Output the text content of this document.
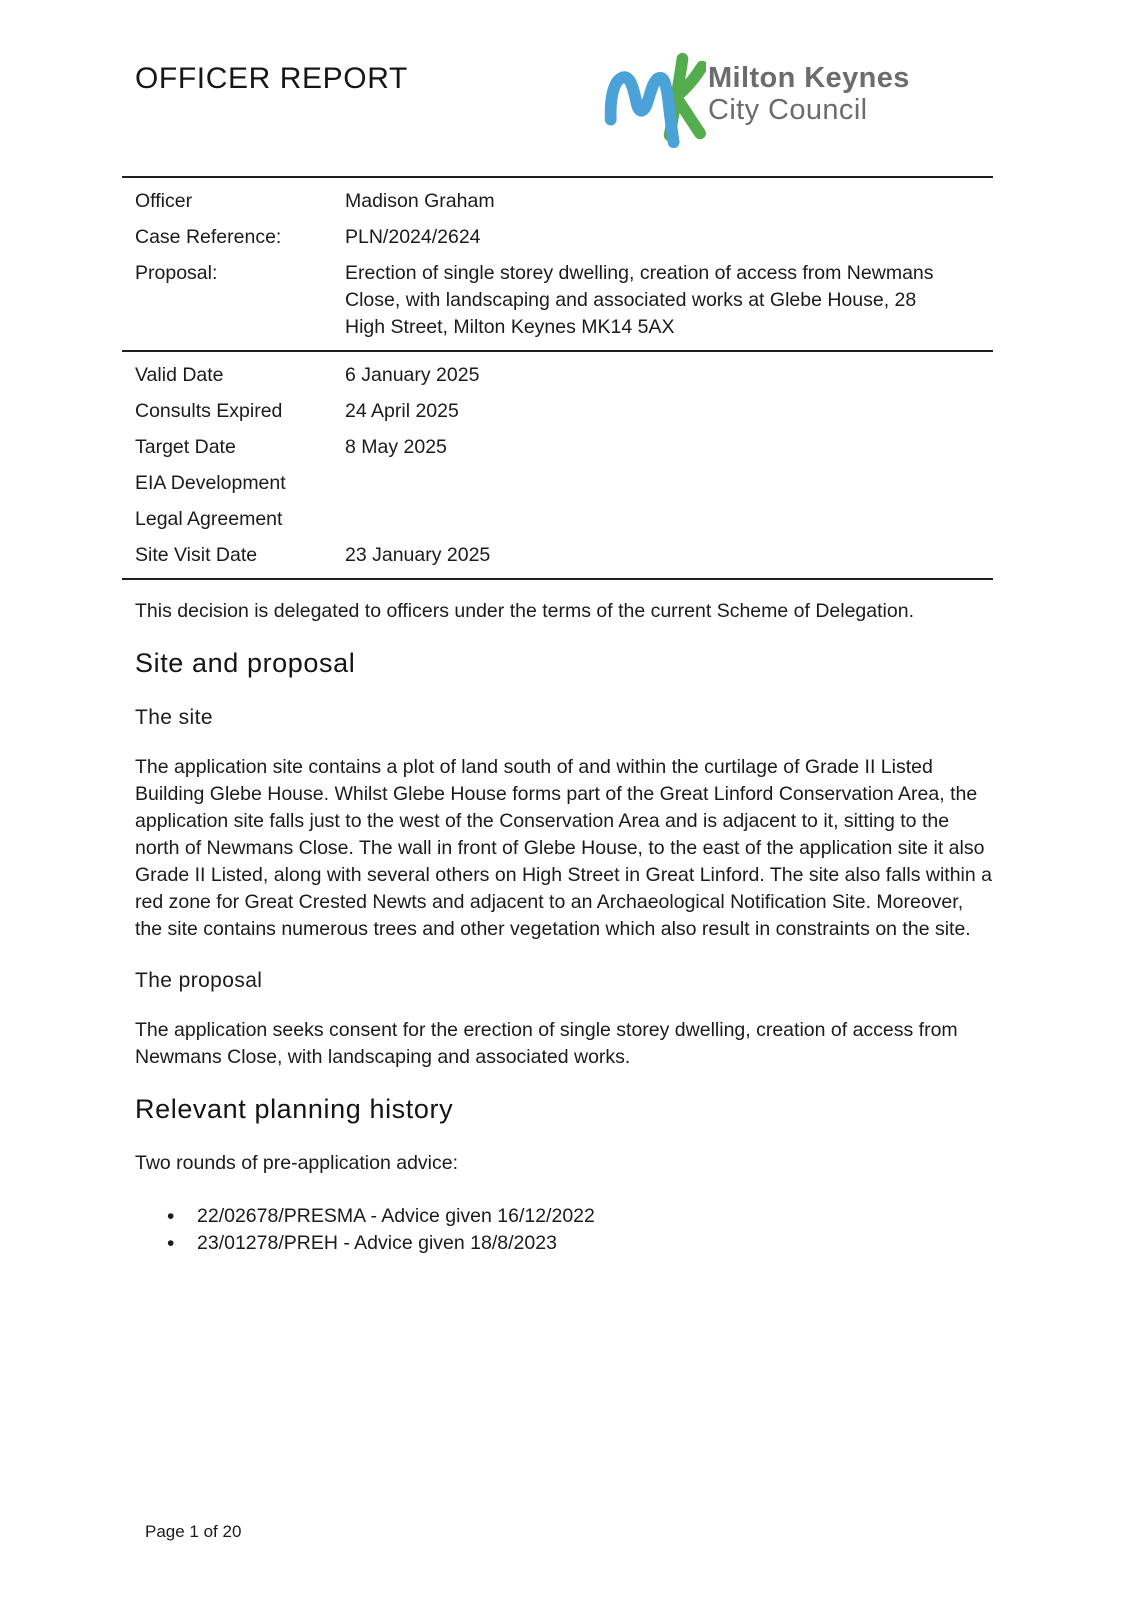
OFFICER REPORT	Milton Keynes
City Council
Officer	Madison Graham
Case Reference:	PLN/2024/2624
Proposal:	Erection of single storey dwelling, creation of access from Newmans Close, with landscaping and associated works at Glebe House, 28 High Street, Milton Keynes MK14 5AX
Valid Date	6 January 2025
Consults Expired	24 April 2025
Target Date	8 May 2025
EIA Development
Legal Agreement
Site Visit Date	23 January 2025

This decision is delegated to officers under the terms of the current Scheme of Delegation.

Site and proposal
The site

The application site contains a plot of land south of and within the curtilage of Grade II Listed Building Glebe House. Whilst Glebe House forms part of the Great Linford Conservation Area, the application site falls just to the west of the Conservation Area and is adjacent to it, sitting to the north of Newmans Close. The wall in front of Glebe House, to the east of the application site it also Grade II Listed, along with several others on High Street in Great Linford. The site also falls within a red zone for Great Crested Newts and adjacent to an Archaeological Notification Site. Moreover, the site contains numerous trees and other vegetation which also result in constraints on the site.

The proposal

The application seeks consent for the erection of single storey dwelling, creation of access from Newmans Close, with landscaping and associated works.

Relevant planning history

Two rounds of pre-application advice:

• 22/02678/PRESMA - Advice given 16/12/2022
• 23/01278/PREH - Advice given 18/8/2023
Page 1 of 20
